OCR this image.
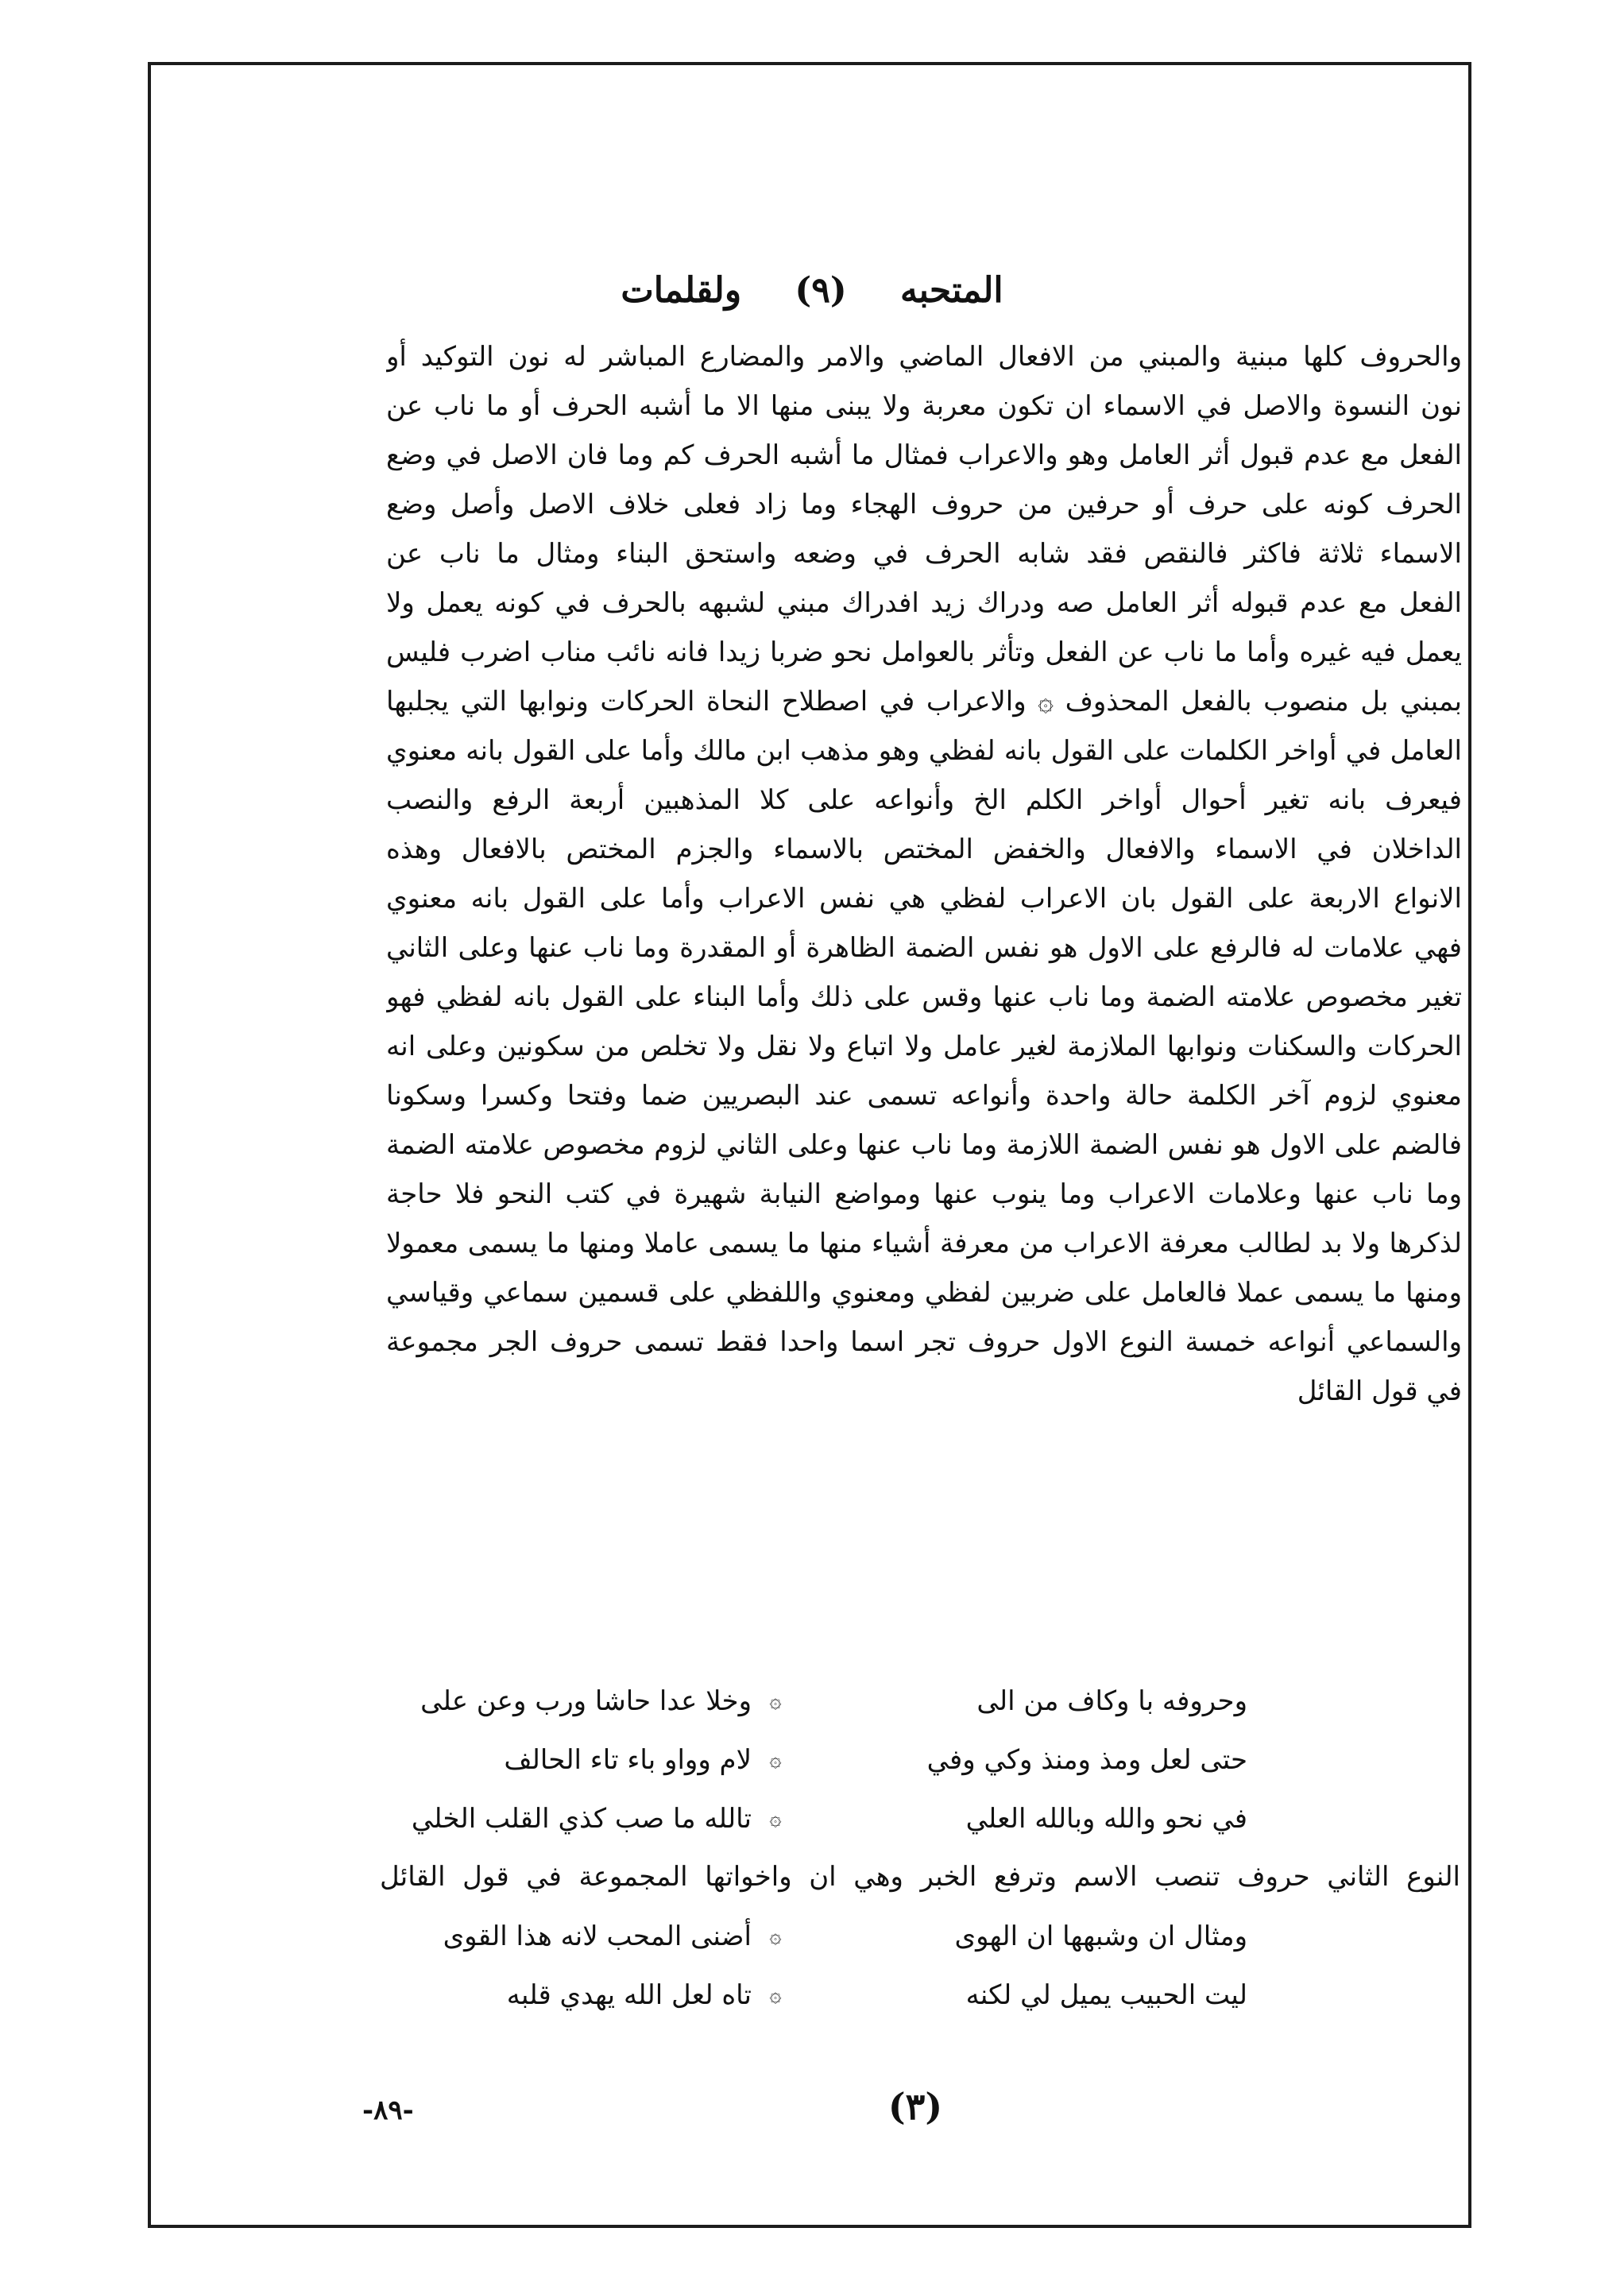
المتحبه (٩) ولقلمات
والحروف كلها مبنية والمبني من الافعال الماضي والامر والمضارع المباشر له نون التوكيد أو
نون النسوة والاصل في الاسماء ان تكون معربة ولا يبنى منها الا ما أشبه الحرف أو ما ناب عن
الفعل مع عدم قبول أثر العامل وهو والاعراب فمثال ما أشبه الحرف كم وما فان الاصل في وضع
الحرف كونه على حرف أو حرفين من حروف الهجاء وما زاد فعلى خلاف الاصل وأصل وضع
الاسماء ثلاثة فاكثر فالنقص فقد شابه الحرف في وضعه واستحق البناء ومثال ما ناب عن
الفعل مع عدم قبوله أثر العامل صه ودراك زيد افدراك مبني لشبهه بالحرف في كونه يعمل ولا
يعمل فيه غيره وأما ما ناب عن الفعل وتأثر بالعوامل نحو ضربا زيدا فانه نائب مناب اضرب فليس
بمبني بل منصوب بالفعل المحذوف ۞ والاعراب في اصطلاح النحاة الحركات ونوابها التي يجلبها
العامل في أواخر الكلمات على القول بانه لفظي وهو مذهب ابن مالك وأما على القول بانه معنوي
فيعرف بانه تغير أحوال أواخر الكلم الخ وأنواعه على كلا المذهبين أربعة الرفع والنصب
الداخلان في الاسماء والافعال والخفض المختص بالاسماء والجزم المختص بالافعال وهذه
الانواع الاربعة على القول بان الاعراب لفظي هي نفس الاعراب وأما على القول بانه معنوي
فهي علامات له فالرفع على الاول هو نفس الضمة الظاهرة أو المقدرة وما ناب عنها وعلى الثاني
تغير مخصوص علامته الضمة وما ناب عنها وقس على ذلك وأما البناء على القول بانه لفظي فهو
الحركات والسكنات ونوابها الملازمة لغير عامل ولا اتباع ولا نقل ولا تخلص من سكونين وعلى انه
معنوي لزوم آخر الكلمة حالة واحدة وأنواعه تسمى عند البصريين ضما وفتحا وكسرا وسكونا
فالضم على الاول هو نفس الضمة اللازمة وما ناب عنها وعلى الثاني لزوم مخصوص علامته الضمة
وما ناب عنها وعلامات الاعراب وما ينوب عنها ومواضع النيابة شهيرة في كتب النحو فلا حاجة
لذكرها ولا بد لطالب معرفة الاعراب من معرفة أشياء منها ما يسمى عاملا ومنها ما يسمى معمولا
ومنها ما يسمى عملا فالعامل على ضربين لفظي ومعنوي واللفظي على قسمين سماعي وقياسي
والسماعي أنواعه خمسة النوع الاول حروف تجر اسما واحدا فقط تسمى حروف الجر مجموعة
في قول القائل
وحروفه با وكاف من الى
۞
وخلا عدا حاشا ورب وعن على
حتى لعل ومذ ومنذ وكي وفي
۞
لام وواو باء تاء الحالف
في نحو والله وبالله العلي
۞
تالله ما صب كذي القلب الخلي
النوع الثاني حروف تنصب الاسم وترفع الخبر وهي ان واخواتها المجموعة في قول القائل
ومثال ان وشبهها ان الهوى
۞
أضنى المحب لانه هذا القوى
ليت الحبيب يميل لي لكنه
۞
تاه لعل الله يهدي قلبه
(٣)
-٨٩-
